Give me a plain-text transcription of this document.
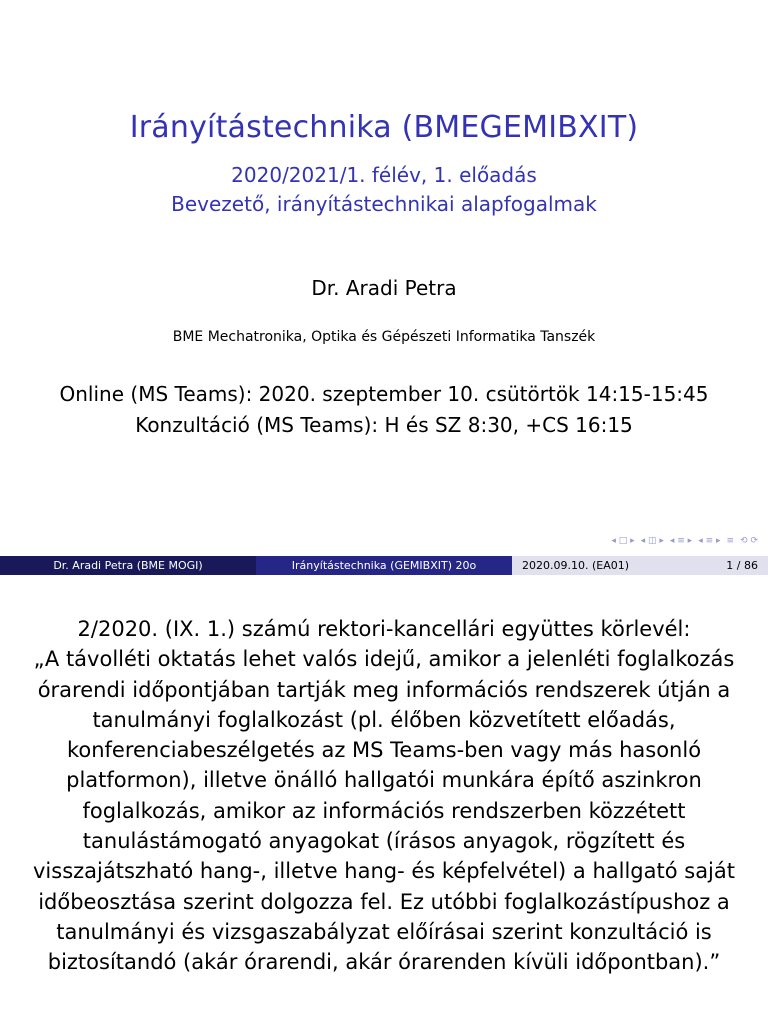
Irányítástechnika (BMEGEMIBXIT)
2020/2021/1. félév, 1. előadás
Bevezető, irányítástechnikai alapfogalmak
Dr. Aradi Petra
BME Mechatronika, Optika és Gépészeti Informatika Tanszék
Online (MS Teams): 2020. szeptember 10. csütörtök 14:15-15:45
Konzultáció (MS Teams): H és SZ 8:30, +CS 16:15
◂ □ ▸ ◂ ◫ ▸ ◂ ≡ ▸ ◂ ≡ ▸ ≡ ⟲ ⟳
Dr. Aradi Petra (BME MOGI)	Irányítástechnika (GEMIBXIT) 20o	2020.09.10. (EA01)	1 / 86
2/2020. (IX. 1.) számú rektori-kancellári együttes körlevél:
„A távolléti oktatás lehet valós idejű, amikor a jelenléti foglalkozás
órarendi időpontjában tartják meg információs rendszerek útján a
tanulmányi foglalkozást (pl. élőben közvetített előadás,
konferenciabeszélgetés az MS Teams-ben vagy más hasonló
platformon), illetve önálló hallgatói munkára építő aszinkron
foglalkozás, amikor az információs rendszerben közzétett
tanulástámogató anyagokat (írásos anyagok, rögzített és
visszajátszható hang-, illetve hang- és képfelvétel) a hallgató saját
időbeosztása szerint dolgozza fel. Ez utóbbi foglalkozástípushoz a
tanulmányi és vizsgaszabályzat előírásai szerint konzultáció is
biztosítandó (akár órarendi, akár órarenden kívüli időpontban).”
